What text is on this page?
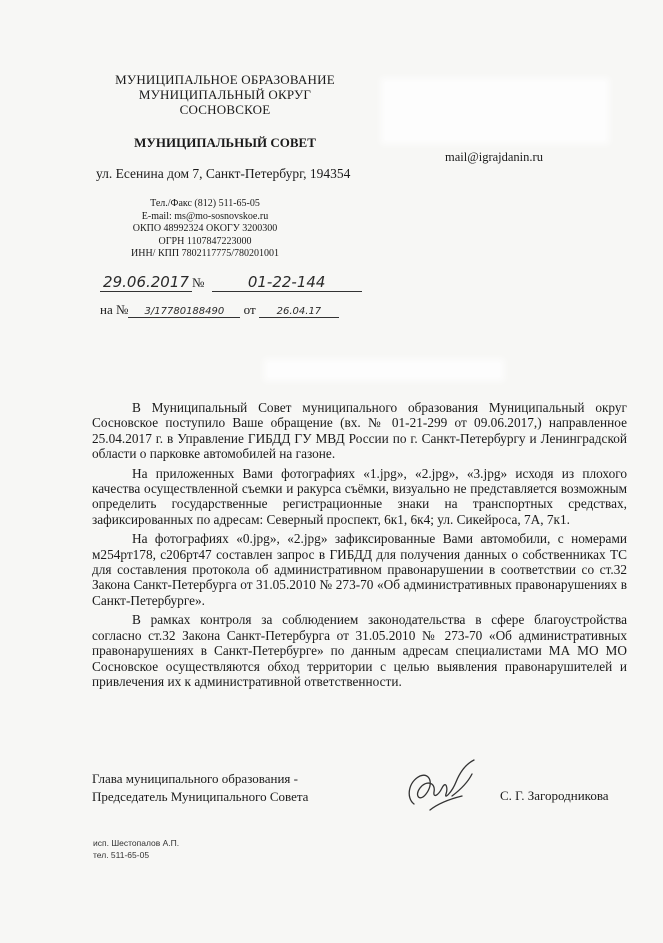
МУНИЦИПАЛЬНОЕ ОБРАЗОВАНИЕ
МУНИЦИПАЛЬНЫЙ ОКРУГ
СОСНОВСКОЕ
МУНИЦИПАЛЬНЫЙ СОВЕТ
ул. Есенина дом 7, Санкт-Петербург, 194354
Тел./Факс (812) 511-65-05
E-mail: ms@mo-sosnovskoe.ru
ОКПО 48992324 ОКОГУ 3200300
ОГРН 1107847223000
ИНН/ КПП 7802117775/780201001
mail@igrajdanin.ru
29.06.2017 №	01-22-144
на № 3/17780188490 от 26.04.17

В Муниципальный Совет муниципального образования Муниципальный округ Сосновское поступило Ваше обращение (вх. № 01-21-299 от 09.06.2017,) направленное 25.04.2017 г. в Управление ГИБДД ГУ МВД России по г. Санкт-Петербургу и Ленинградской области о парковке автомобилей на газоне.

На приложенных Вами фотографиях «1.jpg», «2.jpg», «3.jpg» исходя из плохого качества осуществленной съемки и ракурса съёмки, визуально не представляется возможным определить государственные регистрационные знаки на транспортных средствах, зафиксированных по адресам: Северный проспект, 6к1, 6к4; ул. Сикейроса, 7А, 7к1.

На фотографиях «0.jpg», «2.jpg» зафиксированные Вами автомобили, с номерами м254рт178, с206рт47 составлен запрос в ГИБДД для получения данных о собственниках ТС для составления протокола об административном правонарушении в соответствии со ст.32 Закона Санкт-Петербурга от 31.05.2010 № 273-70 «Об административных правонарушениях в Санкт-Петербурге».

В рамках контроля за соблюдением законодательства в сфере благоустройства согласно ст.32 Закона Санкт-Петербурга от 31.05.2010 № 273-70 «Об административных правонарушениях в Санкт-Петербурге» по данным адресам специалистами МА МО МО Сосновское осуществляются обход территории с целью выявления правонарушителей и привлечения их к административной ответственности.

Глава муниципального образования -
Председатель Муниципального Совета	С. Г. Загородникова
исп. Шестопалов А.П.
тел. 511-65-05
